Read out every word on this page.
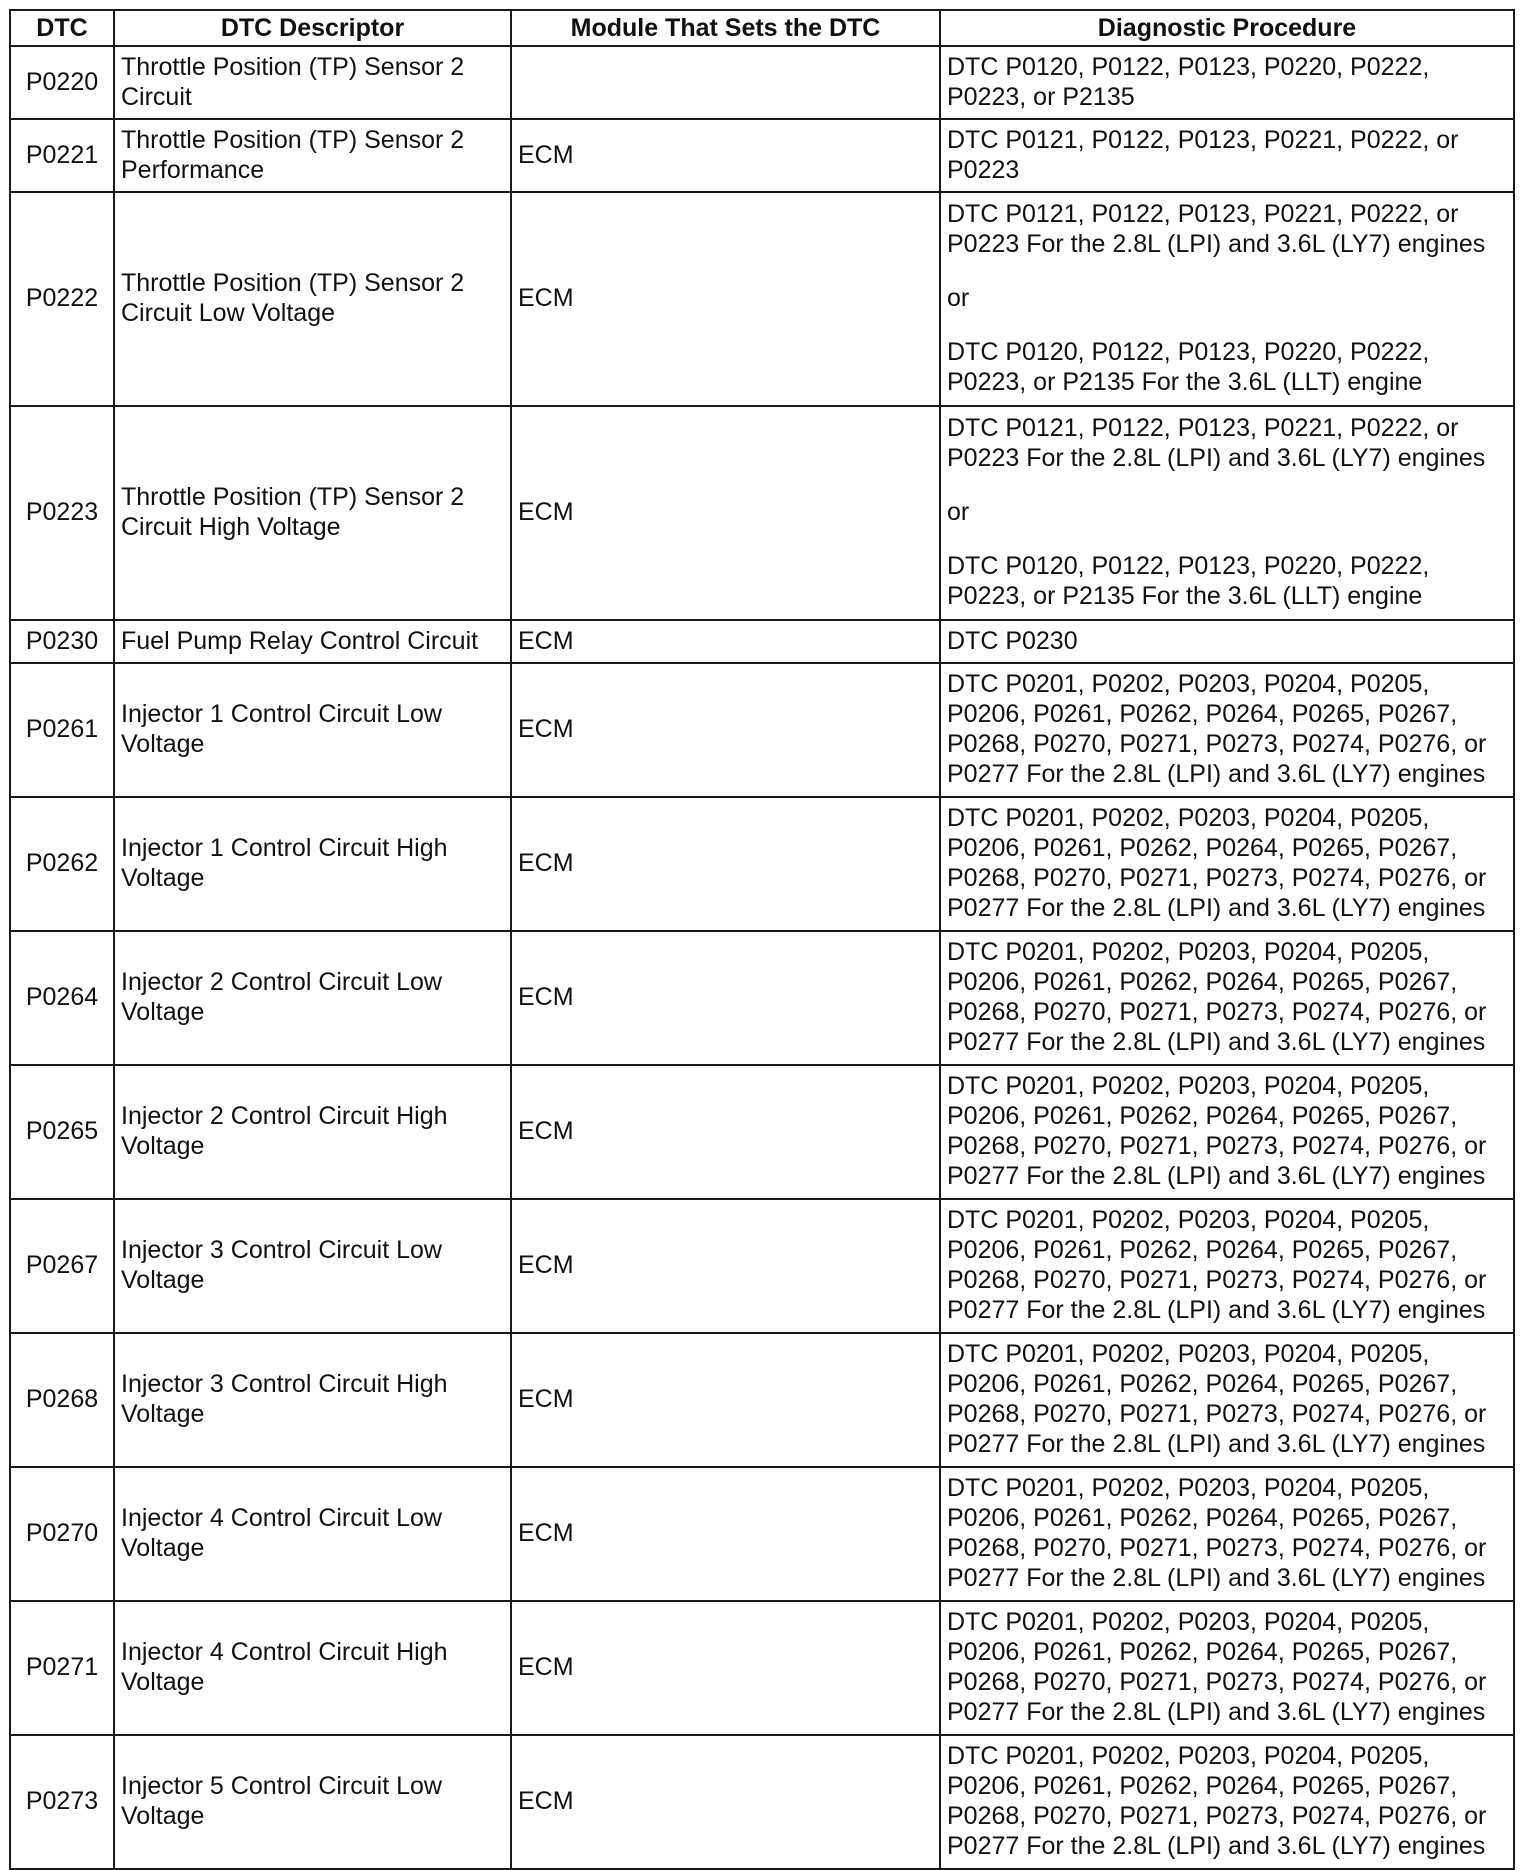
DTC	DTC Descriptor	Module That Sets the DTC	Diagnostic Procedure
P0220	Throttle Position (TP) Sensor 2 Circuit		DTC P0120, P0122, P0123, P0220, P0222, P0223, or P2135

P0221	Throttle Position (TP) Sensor 2 Performance	ECM	DTC P0121, P0122, P0123, P0221, P0222, or P0223

P0222	Throttle Position (TP) Sensor 2 Circuit Low Voltage	ECM	DTC P0121, P0122, P0123, P0221, P0222, or P0223 For the 2.8L (LPI) and 3.6L (LY7) engines
or
DTC P0120, P0122, P0123, P0220, P0222, P0223, or P2135 For the 3.6L (LLT) engine

P0223	Throttle Position (TP) Sensor 2 Circuit High Voltage	ECM	DTC P0121, P0122, P0123, P0221, P0222, or P0223 For the 2.8L (LPI) and 3.6L (LY7) engines
or
DTC P0120, P0122, P0123, P0220, P0222, P0223, or P2135 For the 3.6L (LLT) engine

P0230	Fuel Pump Relay Control Circuit	ECM	DTC P0230

P0261	Injector 1 Control Circuit Low Voltage	ECM	DTC P0201, P0202, P0203, P0204, P0205, P0206, P0261, P0262, P0264, P0265, P0267, P0268, P0270, P0271, P0273, P0274, P0276, or P0277 For the 2.8L (LPI) and 3.6L (LY7) engines

P0262	Injector 1 Control Circuit High Voltage	ECM	DTC P0201, P0202, P0203, P0204, P0205, P0206, P0261, P0262, P0264, P0265, P0267, P0268, P0270, P0271, P0273, P0274, P0276, or P0277 For the 2.8L (LPI) and 3.6L (LY7) engines

P0264	Injector 2 Control Circuit Low Voltage	ECM	DTC P0201, P0202, P0203, P0204, P0205, P0206, P0261, P0262, P0264, P0265, P0267, P0268, P0270, P0271, P0273, P0274, P0276, or P0277 For the 2.8L (LPI) and 3.6L (LY7) engines

P0265	Injector 2 Control Circuit High Voltage	ECM	DTC P0201, P0202, P0203, P0204, P0205, P0206, P0261, P0262, P0264, P0265, P0267, P0268, P0270, P0271, P0273, P0274, P0276, or P0277 For the 2.8L (LPI) and 3.6L (LY7) engines

P0267	Injector 3 Control Circuit Low Voltage	ECM	DTC P0201, P0202, P0203, P0204, P0205, P0206, P0261, P0262, P0264, P0265, P0267, P0268, P0270, P0271, P0273, P0274, P0276, or P0277 For the 2.8L (LPI) and 3.6L (LY7) engines

P0268	Injector 3 Control Circuit High Voltage	ECM	DTC P0201, P0202, P0203, P0204, P0205, P0206, P0261, P0262, P0264, P0265, P0267, P0268, P0270, P0271, P0273, P0274, P0276, or P0277 For the 2.8L (LPI) and 3.6L (LY7) engines

P0270	Injector 4 Control Circuit Low Voltage	ECM	DTC P0201, P0202, P0203, P0204, P0205, P0206, P0261, P0262, P0264, P0265, P0267, P0268, P0270, P0271, P0273, P0274, P0276, or P0277 For the 2.8L (LPI) and 3.6L (LY7) engines

P0271	Injector 4 Control Circuit High Voltage	ECM	DTC P0201, P0202, P0203, P0204, P0205, P0206, P0261, P0262, P0264, P0265, P0267, P0268, P0270, P0271, P0273, P0274, P0276, or P0277 For the 2.8L (LPI) and 3.6L (LY7) engines

P0273	Injector 5 Control Circuit Low Voltage	ECM	DTC P0201, P0202, P0203, P0204, P0205, P0206, P0261, P0262, P0264, P0265, P0267, P0268, P0270, P0271, P0273, P0274, P0276, or P0277 For the 2.8L (LPI) and 3.6L (LY7) engines
